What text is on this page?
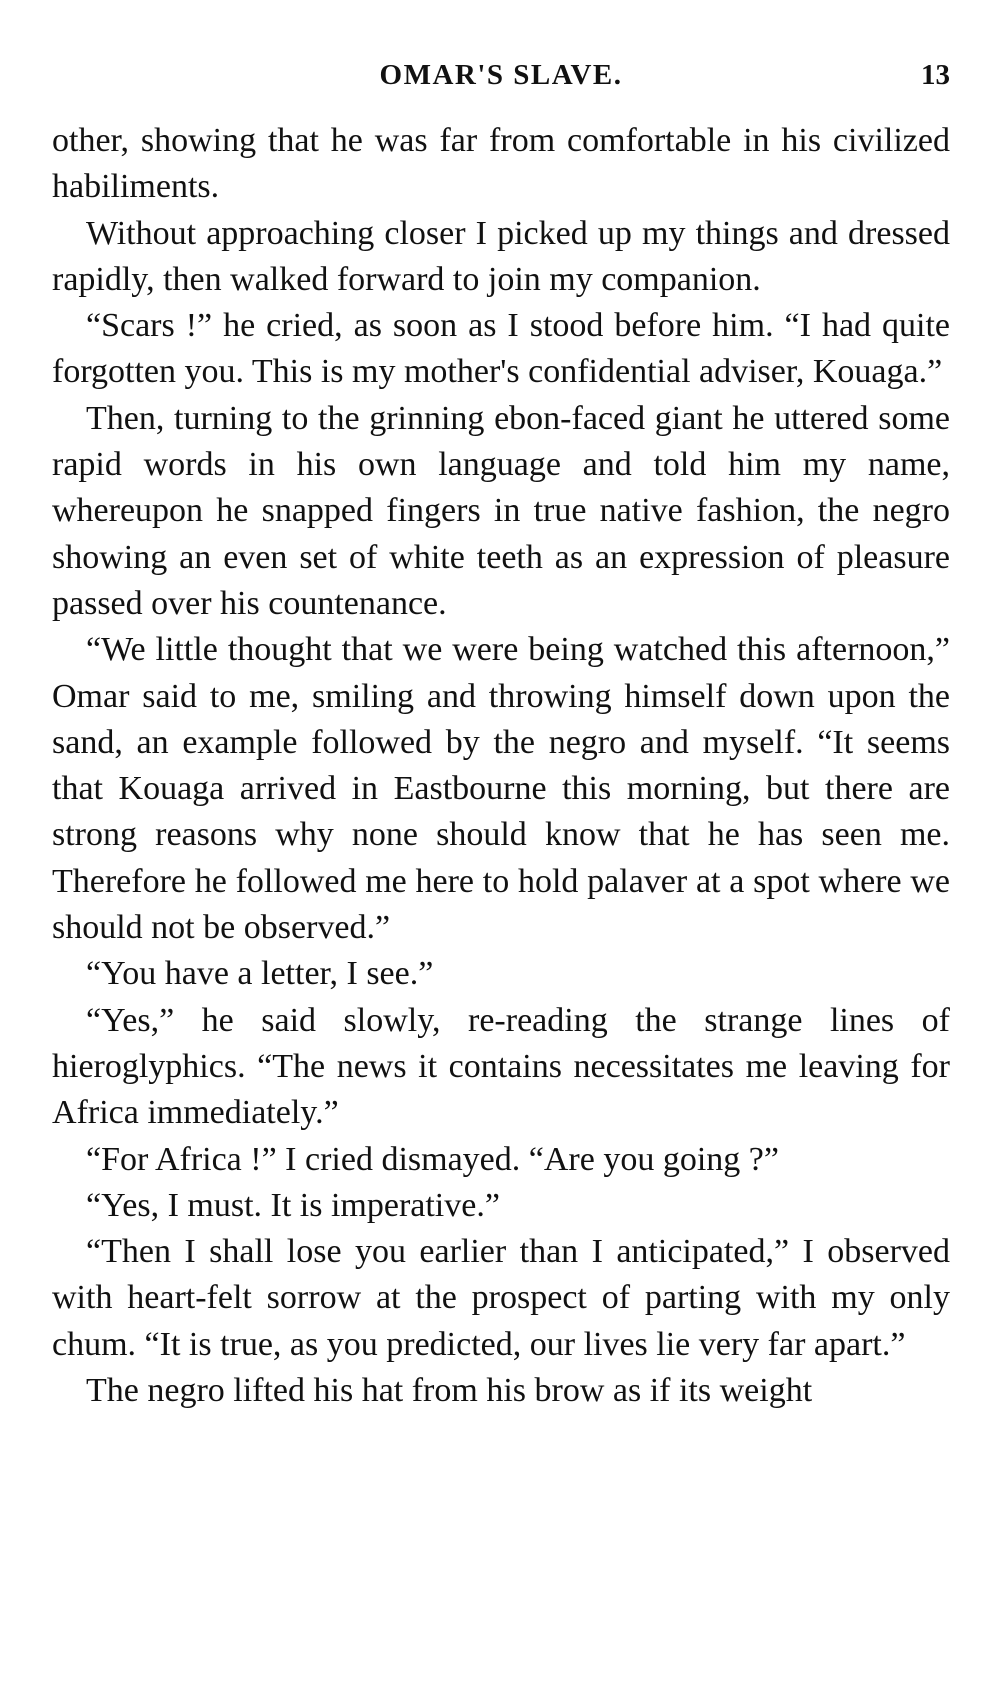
OMAR'S SLAVE.	13

other, showing that he was far from comfortable in his civilized habiliments.

Without approaching closer I picked up my things and dressed rapidly, then walked forward to join my companion.

“Scars !” he cried, as soon as I stood before him. “I had quite forgotten you. This is my mother's confidential adviser, Kouaga.”

Then, turning to the grinning ebon-faced giant he uttered some rapid words in his own language and told him my name, whereupon he snapped fingers in true native fashion, the negro showing an even set of white teeth as an expression of pleasure passed over his countenance.

“We little thought that we were being watched this afternoon,” Omar said to me, smiling and throwing himself down upon the sand, an example followed by the negro and myself. “It seems that Kouaga arrived in Eastbourne this morning, but there are strong reasons why none should know that he has seen me. Therefore he followed me here to hold palaver at a spot where we should not be observed.”

“You have a letter, I see.”

“Yes,” he said slowly, re-reading the strange lines of hieroglyphics. “The news it contains necessitates me leaving for Africa immediately.”

“For Africa !” I cried dismayed. “Are you going ?”

“Yes, I must. It is imperative.”

“Then I shall lose you earlier than I anticipated,” I observed with heart-felt sorrow at the prospect of parting with my only chum. “It is true, as you predicted, our lives lie very far apart.”

The negro lifted his hat from his brow as if its weight
